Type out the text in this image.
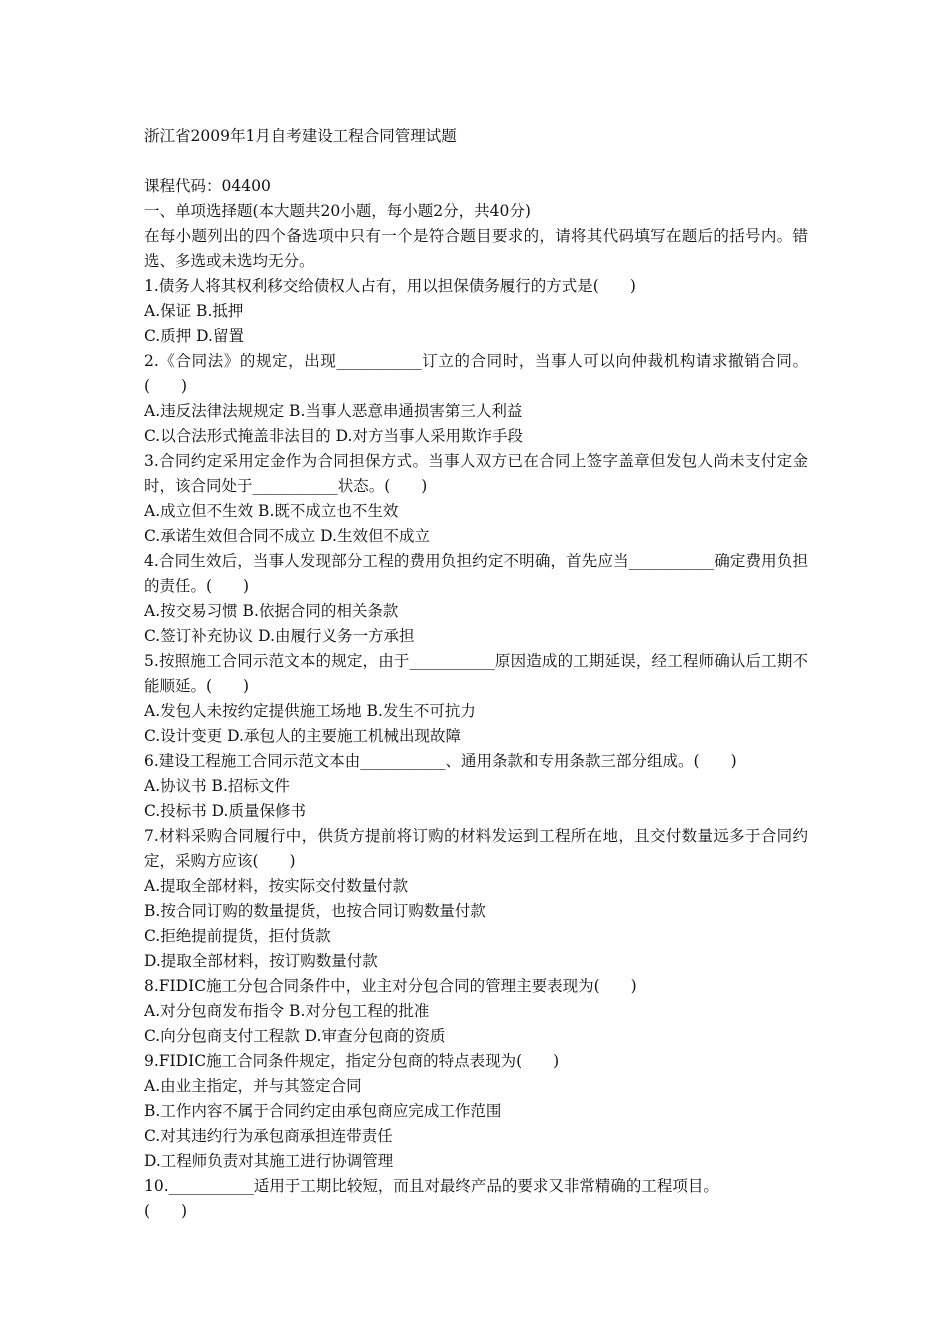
浙江省2009年1月自考建设工程合同管理试题
课程代码：04400
一、单项选择题(本大题共20小题，每小题2分，共40分)
在每小题列出的四个备选项中只有一个是符合题目要求的，请将其代码填写在题后的括号内。错选、多选或未选均无分。
1.债务人将其权利移交给债权人占有，用以担保债务履行的方式是(　　)
A.保证 B.抵押
C.质押 D.留置
2.《合同法》的规定，出现___________订立的合同时，当事人可以向仲裁机构请求撤销合同。(　　)
A.违反法律法规规定 B.当事人恶意串通损害第三人利益
C.以合法形式掩盖非法目的 D.对方当事人采用欺诈手段
3.合同约定采用定金作为合同担保方式。当事人双方已在合同上签字盖章但发包人尚未支付定金时，该合同处于___________状态。(　　)
A.成立但不生效 B.既不成立也不生效
C.承诺生效但合同不成立 D.生效但不成立
4.合同生效后，当事人发现部分工程的费用负担约定不明确，首先应当___________确定费用负担的责任。(　　)
A.按交易习惯 B.依据合同的相关条款
C.签订补充协议 D.由履行义务一方承担
5.按照施工合同示范文本的规定，由于___________原因造成的工期延误，经工程师确认后工期不能顺延。(　　)
A.发包人未按约定提供施工场地 B.发生不可抗力
C.设计变更 D.承包人的主要施工机械出现故障
6.建设工程施工合同示范文本由___________、通用条款和专用条款三部分组成。(　　)
A.协议书 B.招标文件
C.投标书 D.质量保修书
7.材料采购合同履行中，供货方提前将订购的材料发运到工程所在地，且交付数量远多于合同约定，采购方应该(　　)
A.提取全部材料，按实际交付数量付款
B.按合同订购的数量提货，也按合同订购数量付款
C.拒绝提前提货，拒付货款
D.提取全部材料，按订购数量付款
8.FIDIC施工分包合同条件中，业主对分包合同的管理主要表现为(　　)
A.对分包商发布指令 B.对分包工程的批准
C.向分包商支付工程款 D.审查分包商的资质
9.FIDIC施工合同条件规定，指定分包商的特点表现为(　　)
A.由业主指定，并与其签定合同
B.工作内容不属于合同约定由承包商应完成工作范围
C.对其违约行为承包商承担连带责任
D.工程师负责对其施工进行协调管理
10.___________适用于工期比较短，而且对最终产品的要求又非常精确的工程项目。
(　　)
